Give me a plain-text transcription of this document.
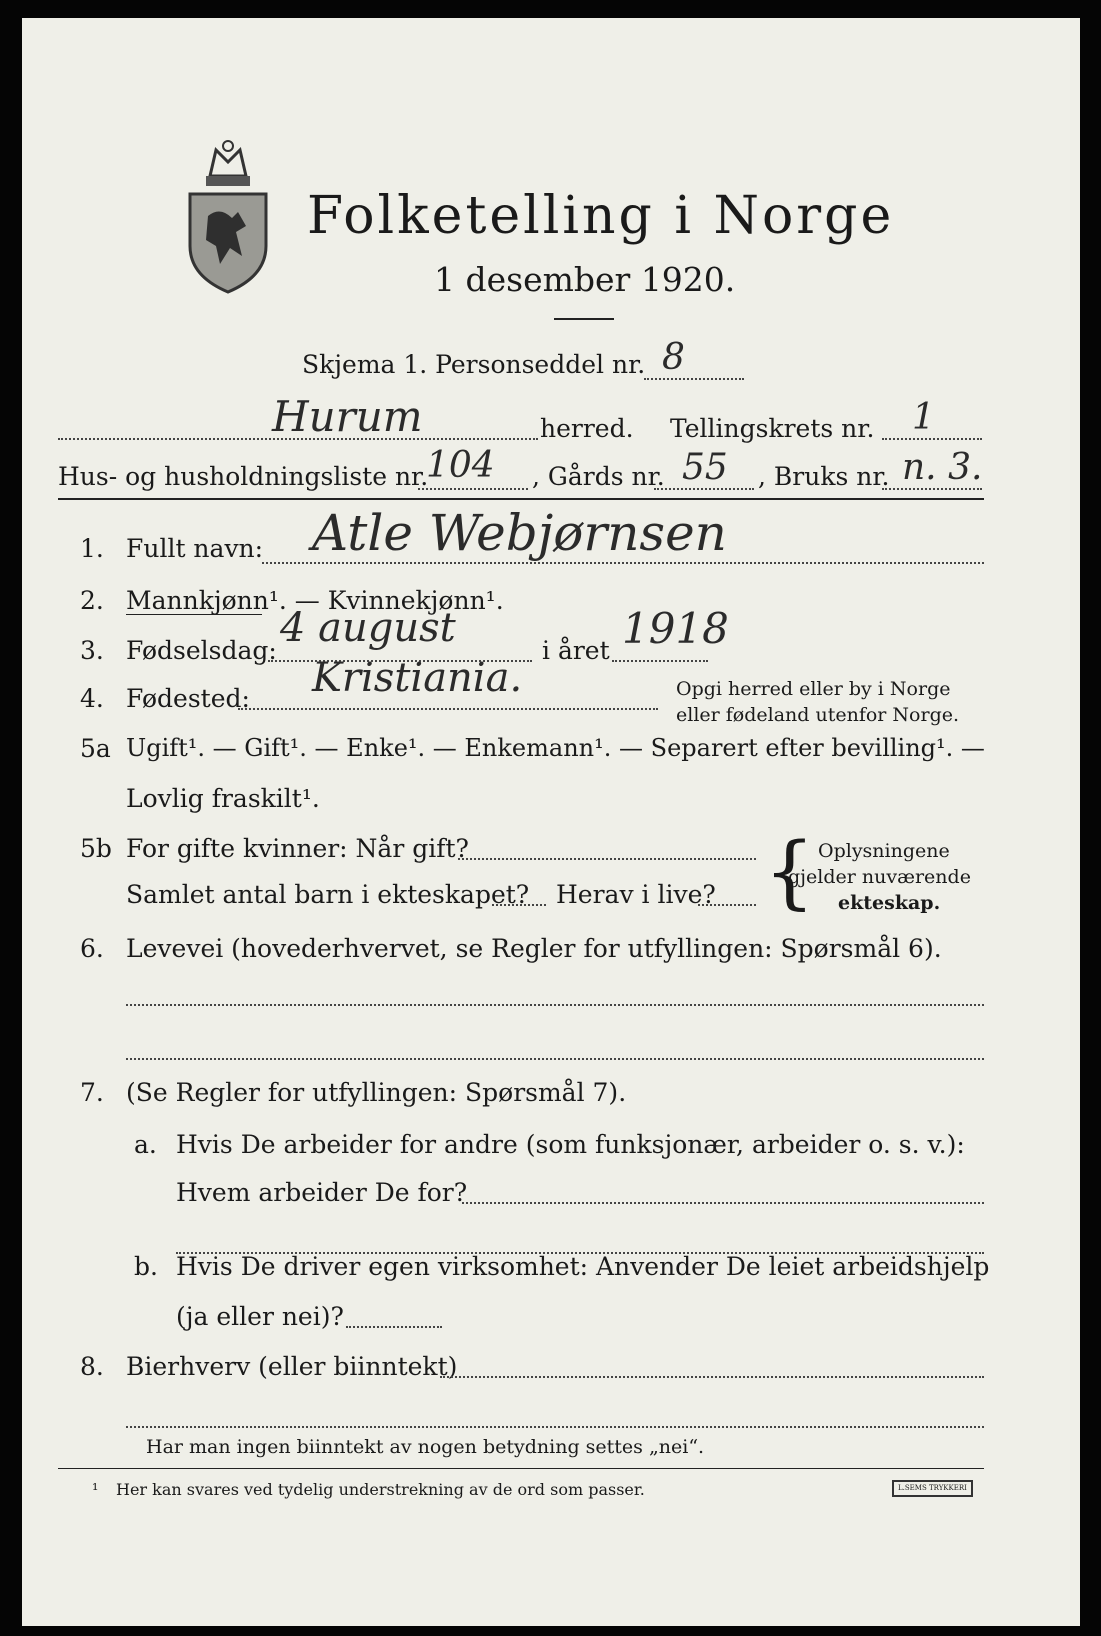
Folketelling i Norge
1 desember 1920.
Skjema 1. Personseddel nr. 8
Hurum	herred. Tellingskrets nr. 1
Hus- og husholdningsliste nr.
104 , Gårds nr. 55 , Bruks nr. n. 3.
1. Fullt navn: Atle Webjørnsen
2. Mannkjønn¹. — Kvinnekjønn¹.
3. Fødselsdag: 4 august	i året 1918
4. Fødested: Kristiania.	Opgi herred eller by i Norge
eller fødeland utenfor Norge.
5a Ugift¹. — Gift¹. — Enke¹. — Enkemann¹. — Separert efter bevilling¹. —
Lovlig fraskilt¹.
5b For gifte kvinner: Når gift?
Samlet antal barn i ekteskapet? Herav i live? { Oplysningene
gjelder nuværende
ekteskap.
6. Levevei (hovederhvervet, se Regler for utfyllingen: Spørsmål 6).
7. (Se Regler for utfyllingen: Spørsmål 7).
a. Hvis De arbeider for andre (som funksjonær, arbeider o. s. v.):
Hvem arbeider De for?
b. Hvis De driver egen virksomhet: Anvender De leiet arbeidshjelp
(ja eller nei)?
8. Bierhverv (eller biinntekt)
Har man ingen biinntekt av nogen betydning settes „nei“.
¹ Her kan svares ved tydelig understrekning av de ord som passer.	L.SEMS TRYKKERI
